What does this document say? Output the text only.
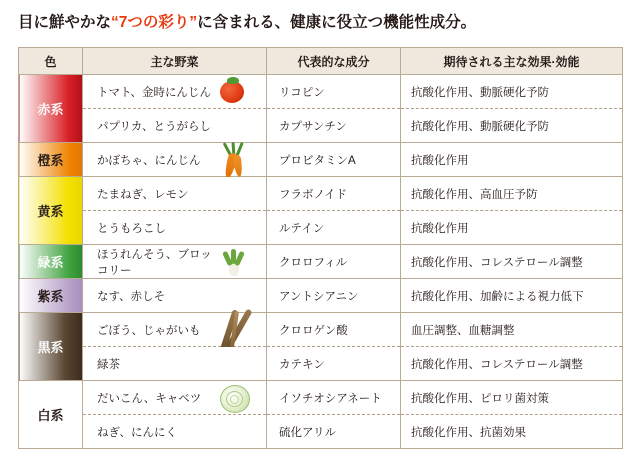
目に鮮やかな“7つの彩り”に含まれる、健康に役立つ機能性成分。
色	主な野菜	代表的な成分	期待される主な効果·効能
赤系	トマト、金時にんじん	リコピン	抗酸化作用、動脈硬化予防

	パプリカ、とうがらし	カプサンチン	抗酸化作用、動脈硬化予防
橙系	かぼちゃ、にんじん	プロビタミンA	抗酸化作用
黄系	たまねぎ、レモン	フラボノイド	抗酸化作用、高血圧予防

	とうもろこし	ルテイン	抗酸化作用
緑系	ほうれんそう、ブロッコリー	クロロフィル	抗酸化作用、コレステロール調整
紫系	なす、赤しそ	アントシアニン	抗酸化作用、加齢による視力低下
黒系	ごぼう、じゃがいも	クロロゲン酸	血圧調整、血糖調整

	緑茶	カテキン	抗酸化作用、コレステロール調整
白系	だいこん、キャベツ	イソチオシアネート	抗酸化作用、ピロリ菌対策

	ねぎ、にんにく	硫化アリル	抗酸化作用、抗菌効果
